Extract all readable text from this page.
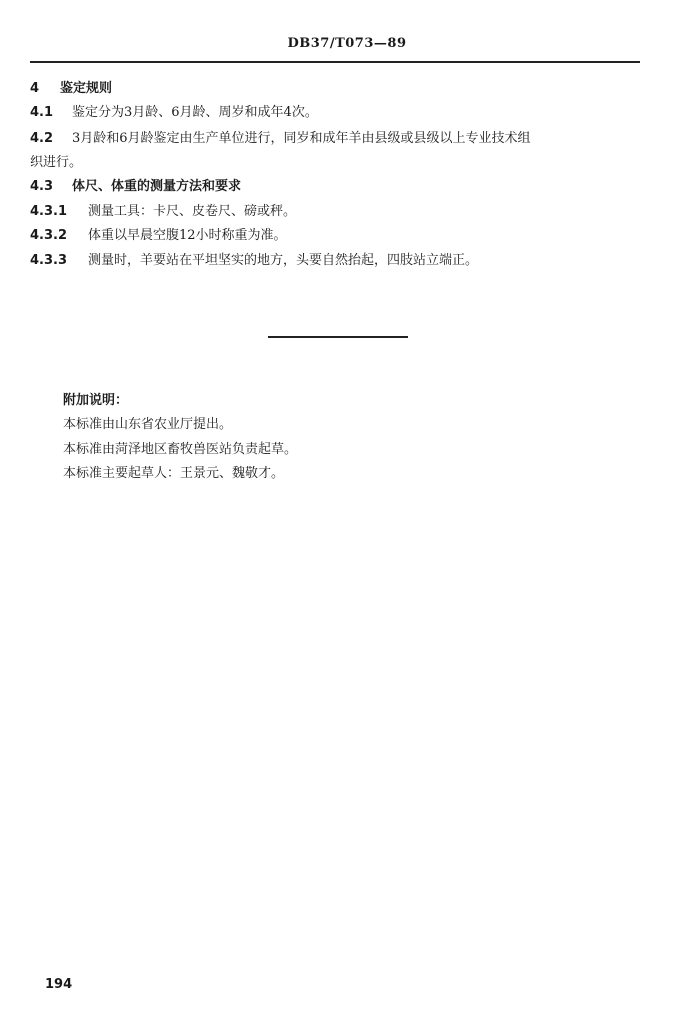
DB37/T073—89
4 鉴定规则
4.1 鉴定分为3月龄、6月龄、周岁和成年4次。
4.2 3月龄和6月龄鉴定由生产单位进行，同岁和成年羊由县级或县级以上专业技术组
织进行。
4.3 体尺、体重的测量方法和要求
4.3.1 测量工具：卡尺、皮卷尺、磅或秤。
4.3.2 体重以早晨空腹12小时称重为准。
4.3.3 测量时，羊要站在平坦坚实的地方，头要自然抬起，四肢站立端正。
附加说明：
本标准由山东省农业厅提出。
本标准由菏泽地区畜牧兽医站负责起草。
本标准主要起草人：王景元、魏敬才。
194
